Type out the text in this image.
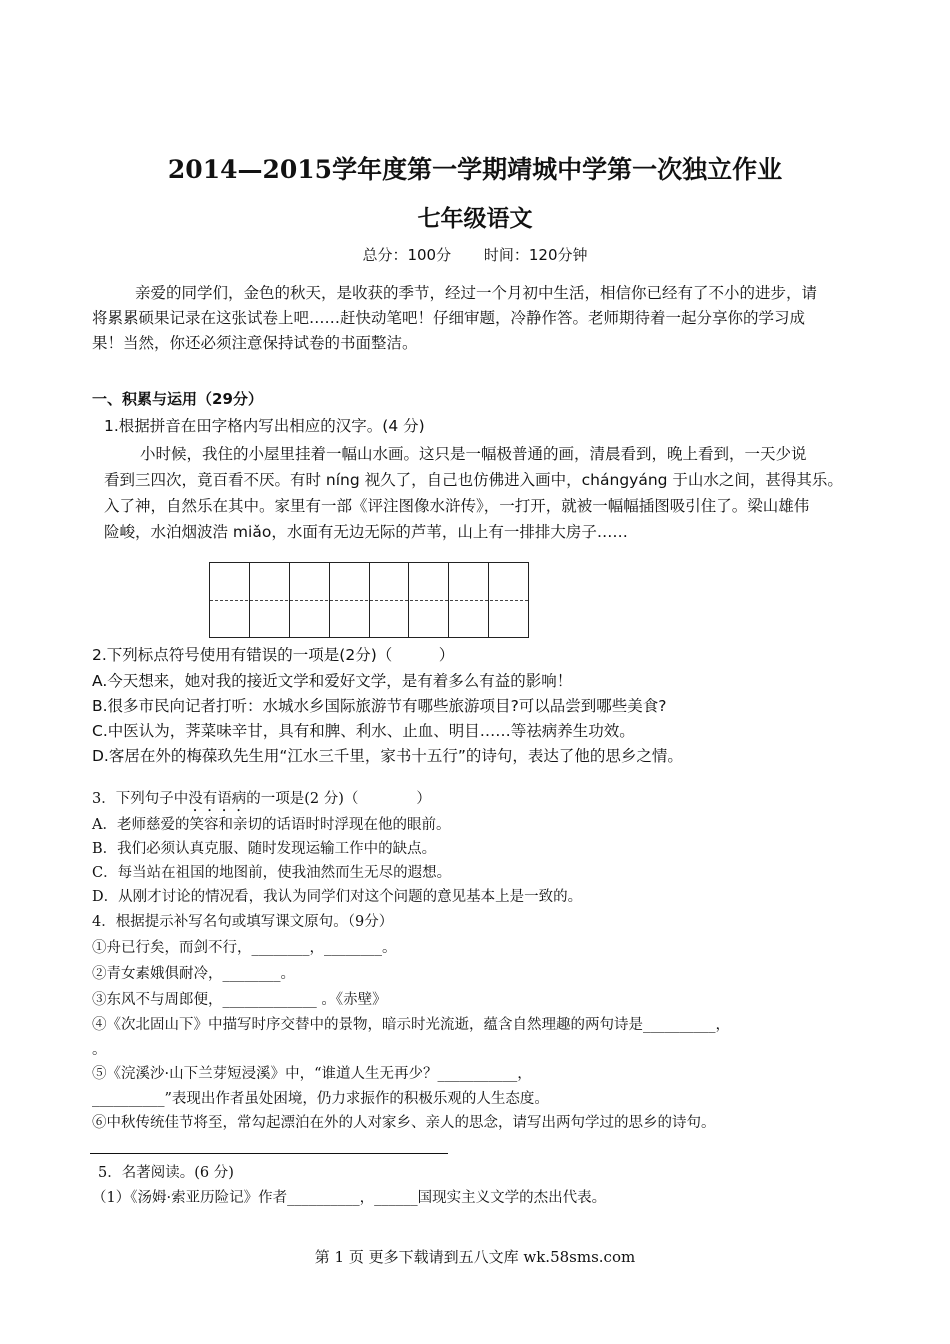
2014—2015学年度第一学期靖城中学第一次独立作业
七年级语文
总分：100分 时间：120分钟
亲爱的同学们，金色的秋天，是收获的季节，经过一个月初中生活，相信你已经有了不小的进步，请
将累累硕果记录在这张试卷上吧……赶快动笔吧！仔细审题，冷静作答。老师期待着一起分享你的学习成
果！当然，你还必须注意保持试卷的书面整洁。
一、积累与运用（29分）
1.根据拼音在田字格内写出相应的汉字。(4 分)
小时候，我住的小屋里挂着一幅山水画。这只是一幅极普通的画，清晨看到，晚上看到，一天少说
看到三四次，竟百看不厌。有时 níng 视久了，自己也仿佛进入画中，chángyáng 于山水之间，甚得其乐。
入了神，自然乐在其中。家里有一部《评注图像水浒传》，一打开，就被一幅幅插图吸引住了。梁山雄伟
险峻，水泊烟波浩 miǎo，水面有无边无际的芦苇，山上有一排排大房子……
2.下列标点符号使用有错误的一项是(2分)（　　　）
A.今天想来，她对我的接近文学和爱好文学，是有着多么有益的影响！
B.很多市民向记者打听：水城水乡国际旅游节有哪些旅游项目?可以品尝到哪些美食?
C.中医认为，荠菜味辛甘，具有和脾、利水、止血、明目……等祛病养生功效。
D.客居在外的梅葆玖先生用“江水三千里，家书十五行”的诗句，表达了他的思乡之情。
3．下列句子中没有语病的一项是(2 分)（　　　　）
A．老师慈爱的笑容和亲切的话语时时浮现在他的眼前。
B．我们必须认真克服、随时发现运输工作中的缺点。
C．每当站在祖国的地图前，使我油然而生无尽的遐想。
D．从刚才讨论的情况看，我认为同学们对这个问题的意见基本上是一致的。
4．根据提示补写名句或填写课文原句。（9分）
①舟已行矣，而剑不行，________，________。
②青女素娥俱耐冷，________。
③东风不与周郎便，_____________ 。《赤壁》
④《次北固山下》中描写时序交替中的景物，暗示时光流逝，蕴含自然理趣的两句诗是__________，
。
⑤《浣溪沙·山下兰芽短浸溪》中，“谁道人生无再少？___________，
__________”表现出作者虽处困境，仍力求振作的积极乐观的人生态度。
⑥中秋传统佳节将至，常勾起漂泊在外的人对家乡、亲人的思念，请写出两句学过的思乡的诗句。
5．名著阅读。(6 分)
（1）《汤姆·索亚历险记》作者__________，______国现实主义文学的杰出代表。
第 1 页 更多下载请到五八文库 wk.58sms.com
